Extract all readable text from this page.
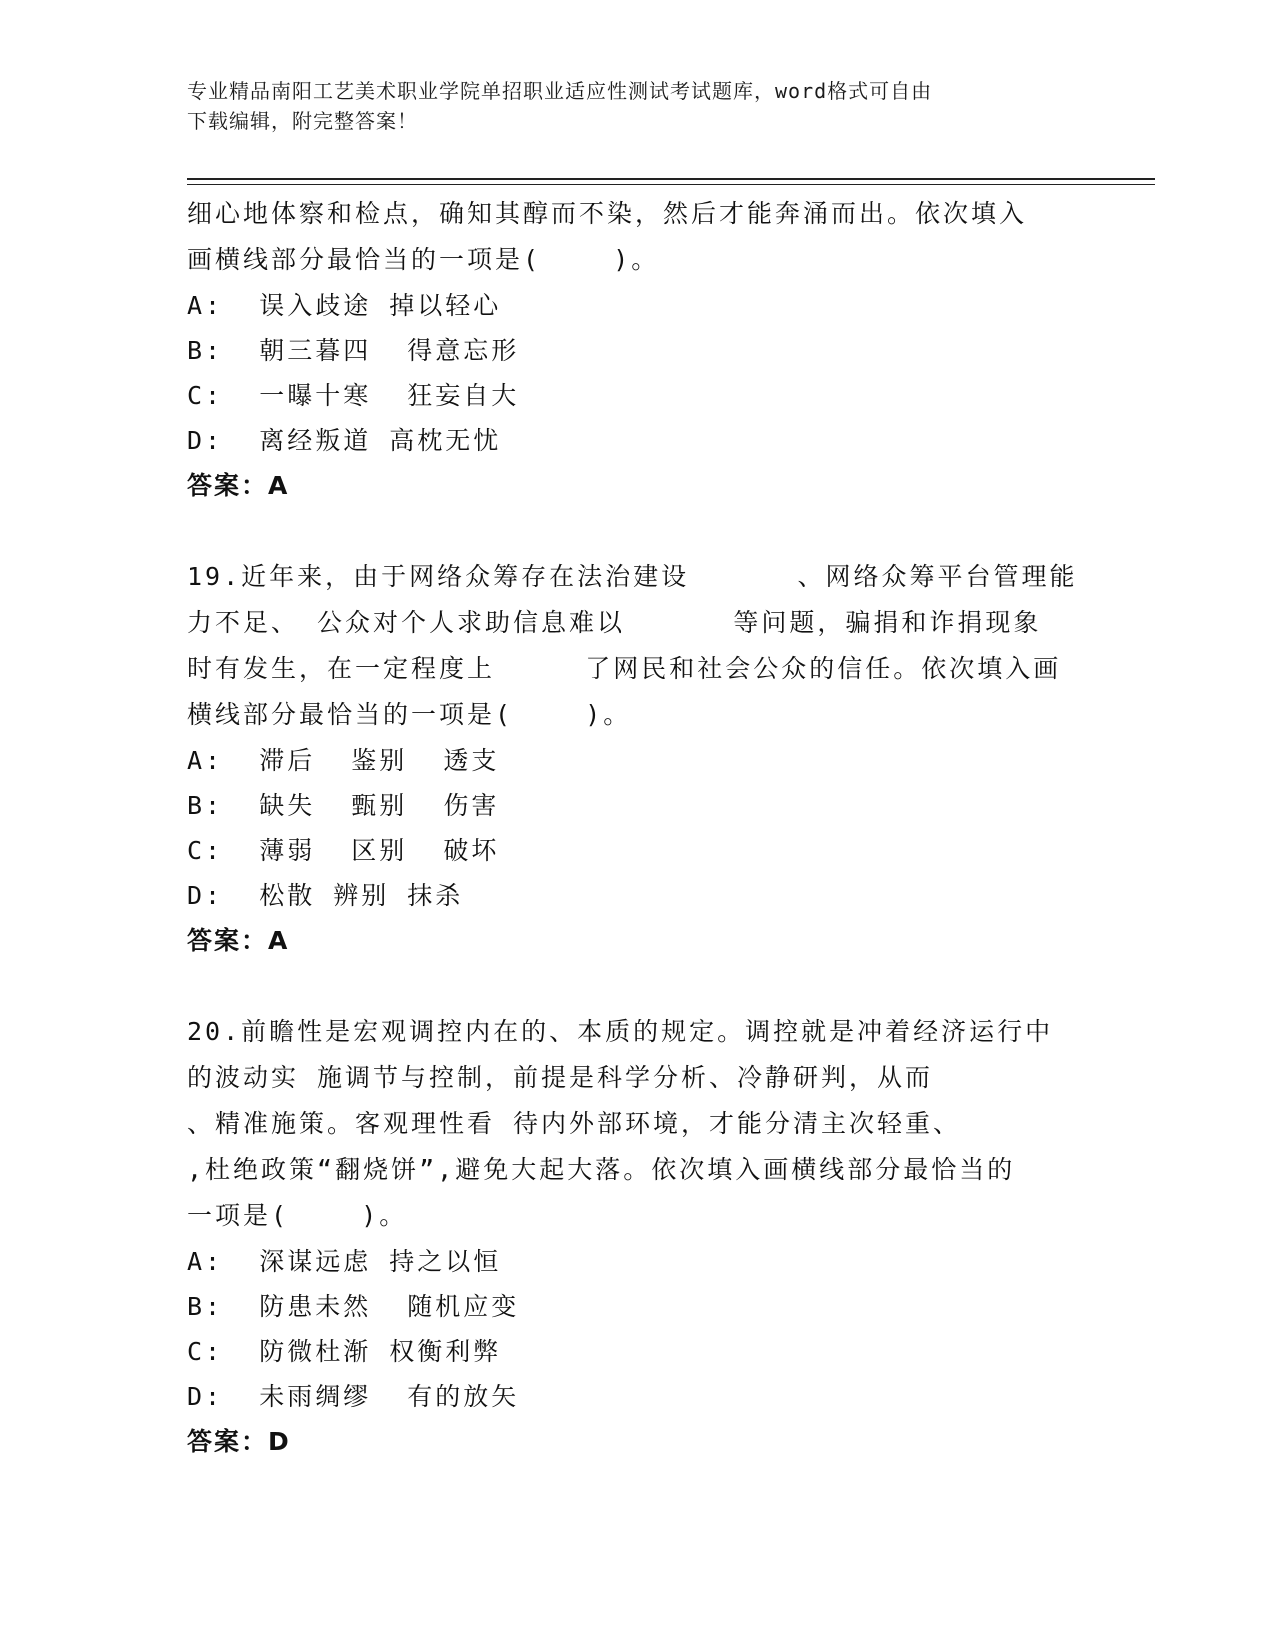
专业精品南阳工艺美术职业学院单招职业适应性测试考试题库，word格式可自由
下载编辑，附完整答案！
细心地体察和检点，确知其醇而不染，然后才能奔涌而出。依次填入
画横线部分最恰当的一项是(    )。
A:  误入歧途 掉以轻心
B:  朝三暮四  得意忘形
C:  一曝十寒  狂妄自大
D:  离经叛道 高枕无忧
答案：A
19.近年来，由于网络众筹存在法治建设      、网络众筹平台管理能
力不足、 公众对个人求助信息难以      等问题，骗捐和诈捐现象
时有发生，在一定程度上     了网民和社会公众的信任。依次填入画
横线部分最恰当的一项是(    )。
A:  滞后  鉴别  透支
B:  缺失  甄别  伤害
C:  薄弱  区别  破坏
D:  松散 辨别 抹杀
答案：A
20.前瞻性是宏观调控内在的、本质的规定。调控就是冲着经济运行中
的波动实 施调节与控制，前提是科学分析、冷静研判，从而
、精准施策。客观理性看 待内外部环境，才能分清主次轻重、
,杜绝政策“翻烧饼”,避免大起大落。依次填入画横线部分最恰当的
一项是(    )。
A:  深谋远虑 持之以恒
B:  防患未然  随机应变
C:  防微杜渐 权衡利弊
D:  未雨绸缪  有的放矢
答案：D
